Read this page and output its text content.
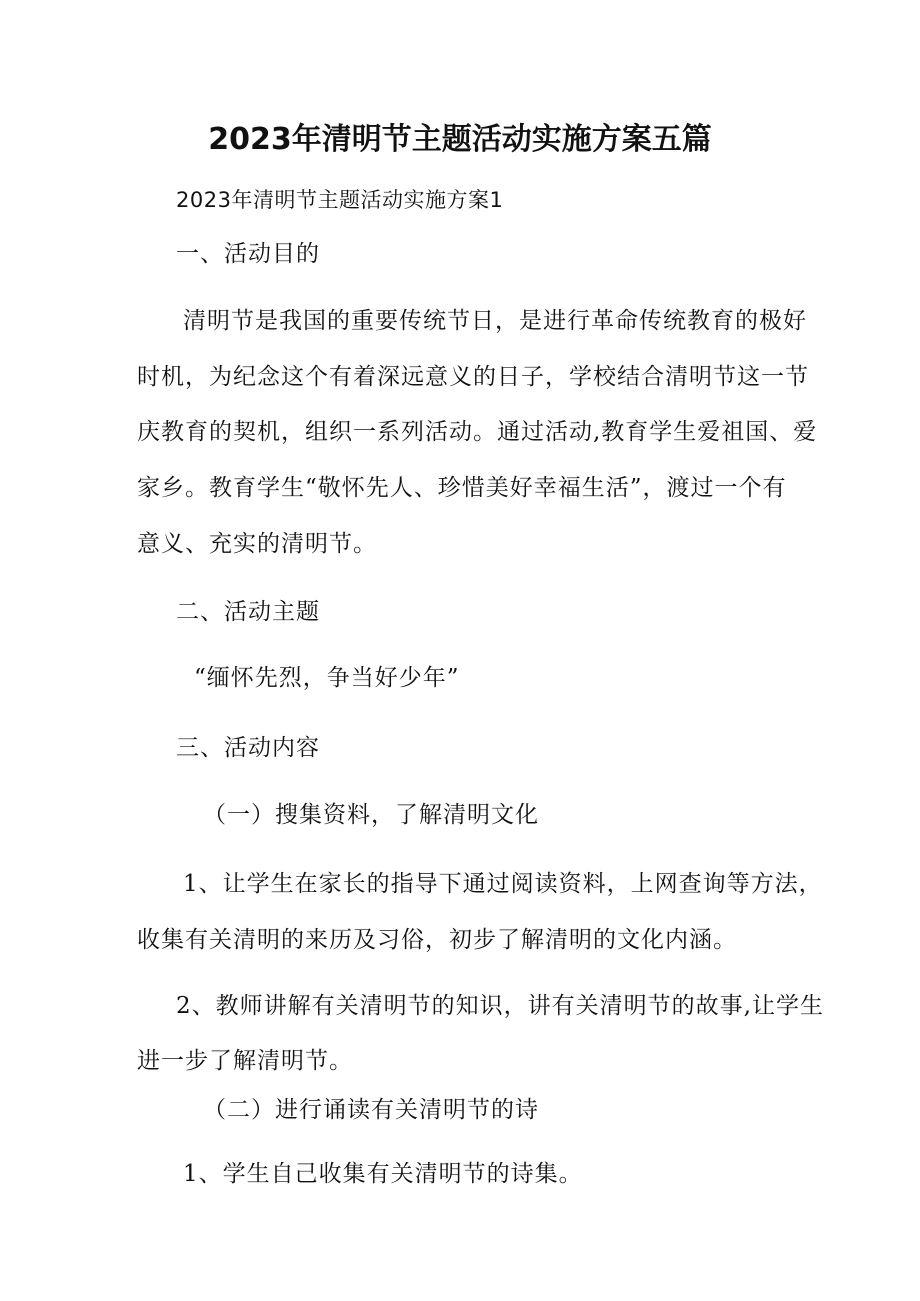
2023年清明节主题活动实施方案五篇
2023年清明节主题活动实施方案1
一、活动目的
清明节是我国的重要传统节日，是进行革命传统教育的极好
时机，为纪念这个有着深远意义的日子，学校结合清明节这一节
庆教育的契机，组织一系列活动。通过活动,教育学生爱祖国、爱
家乡。教育学生“敬怀先人、珍惜美好幸福生活”，渡过一个有
意义、充实的清明节。
二、活动主题
“缅怀先烈，争当好少年”
三、活动内容
（一）搜集资料，了解清明文化
1、让学生在家长的指导下通过阅读资料，上网查询等方法，
收集有关清明的来历及习俗，初步了解清明的文化内涵。
2、教师讲解有关清明节的知识，讲有关清明节的故事,让学生
进一步了解清明节。
（二）进行诵读有关清明节的诗
1、学生自己收集有关清明节的诗集。
